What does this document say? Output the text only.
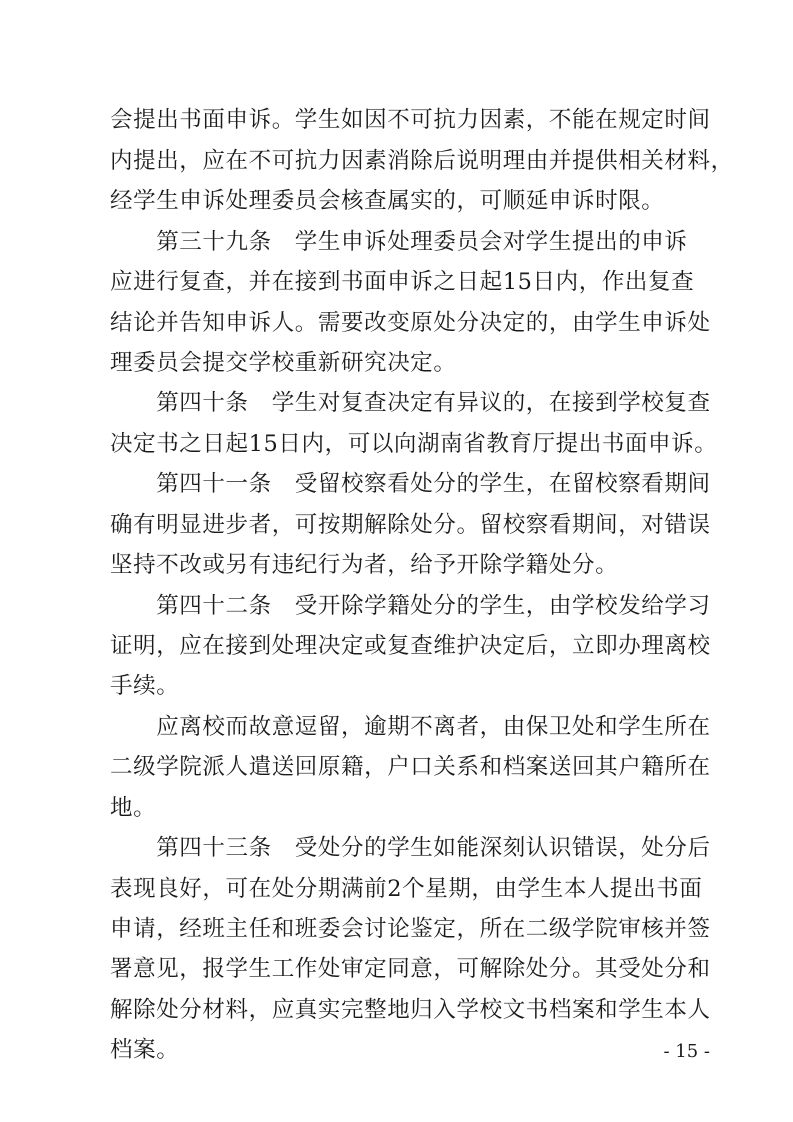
会提出书面申诉。学生如因不可抗力因素，不能在规定时间
内提出，应在不可抗力因素消除后说明理由并提供相关材料，
经学生申诉处理委员会核查属实的，可顺延申诉时限。
　　第三十九条　学生申诉处理委员会对学生提出的申诉
应进行复查，并在接到书面申诉之日起15日内，作出复查
结论并告知申诉人。需要改变原处分决定的，由学生申诉处
理委员会提交学校重新研究决定。
　　第四十条　学生对复查决定有异议的，在接到学校复查
决定书之日起15日内，可以向湖南省教育厅提出书面申诉。
　　第四十一条　受留校察看处分的学生，在留校察看期间
确有明显进步者，可按期解除处分。留校察看期间，对错误
坚持不改或另有违纪行为者，给予开除学籍处分。
　　第四十二条　受开除学籍处分的学生，由学校发给学习
证明，应在接到处理决定或复查维护决定后，立即办理离校
手续。
　　应离校而故意逗留，逾期不离者，由保卫处和学生所在
二级学院派人遣送回原籍，户口关系和档案送回其户籍所在
地。
　　第四十三条　受处分的学生如能深刻认识错误，处分后
表现良好，可在处分期满前2个星期，由学生本人提出书面
申请，经班主任和班委会讨论鉴定，所在二级学院审核并签
署意见，报学生工作处审定同意，可解除处分。其受处分和
解除处分材料，应真实完整地归入学校文书档案和学生本人
档案。	- 15 -
